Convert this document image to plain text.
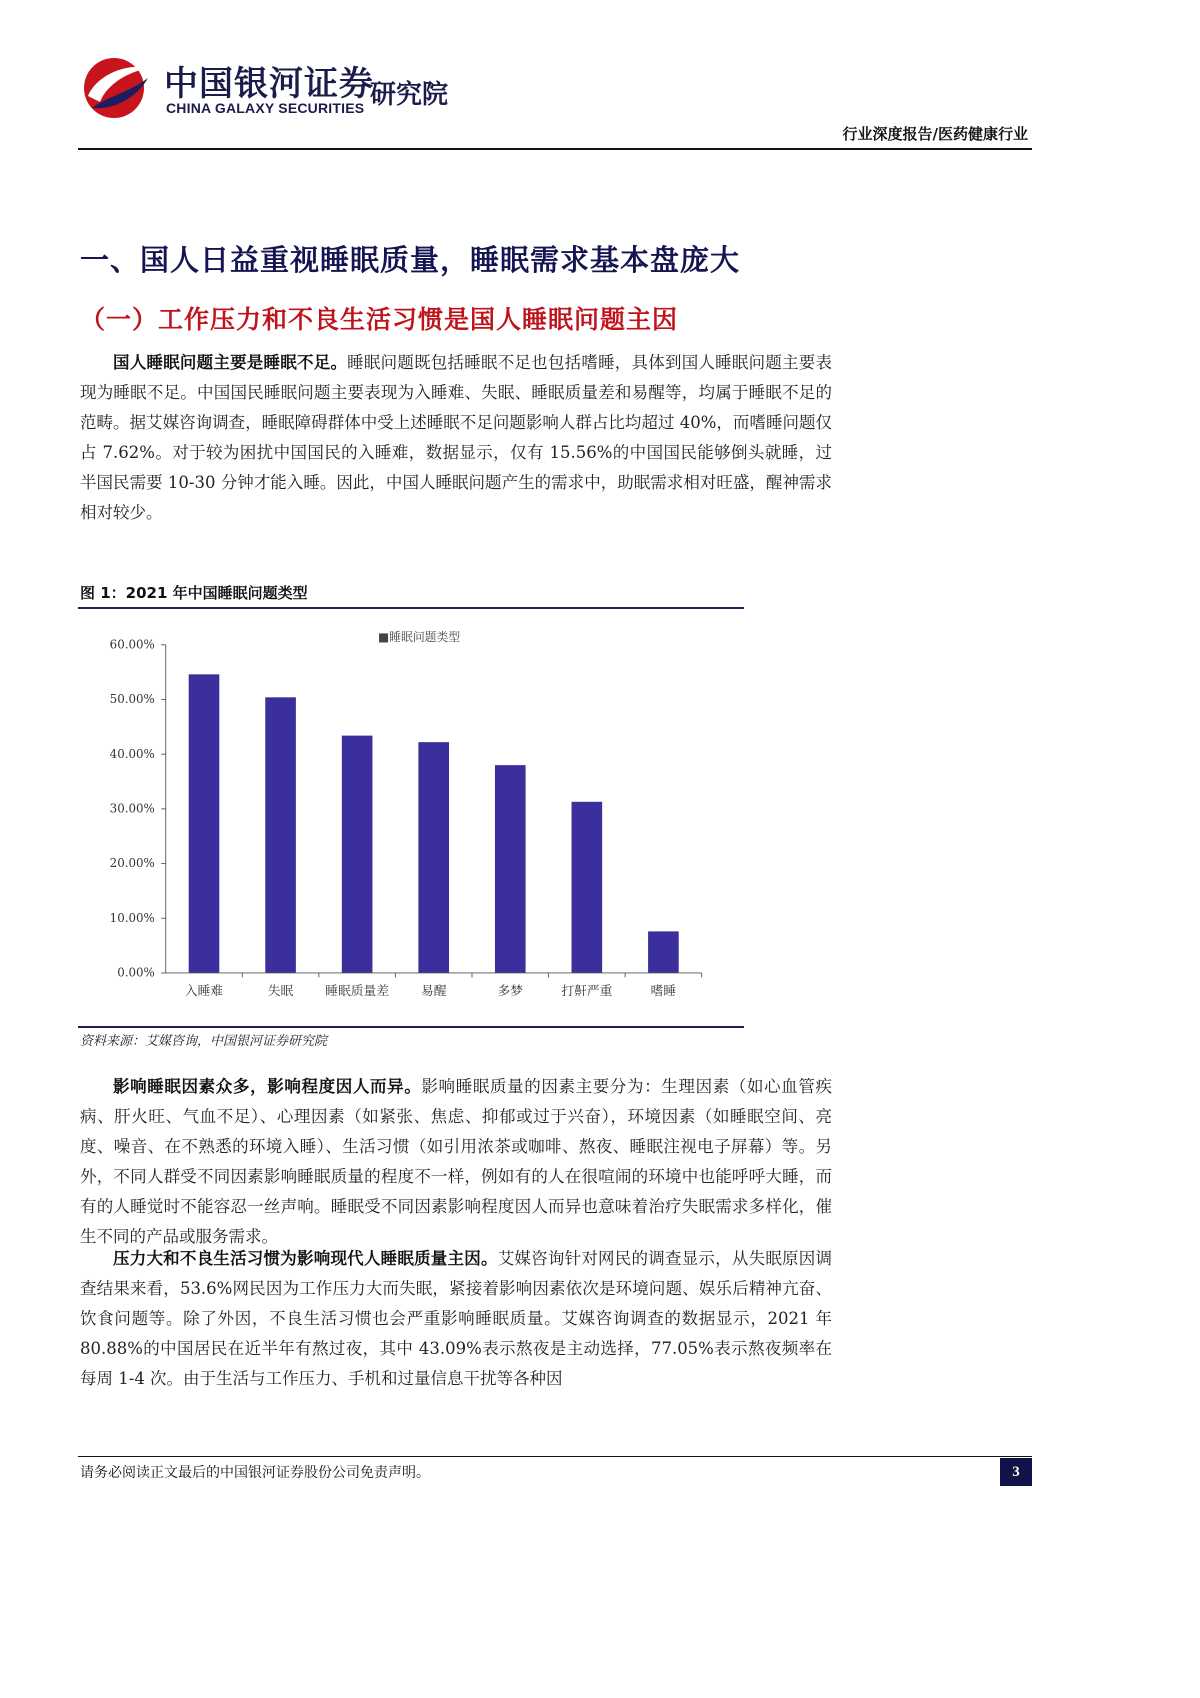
中国银河证券
CHINA GALAXY SECURITIES 研究院
行业深度报告/医药健康行业
一、国人日益重视睡眠质量，睡眠需求基本盘庞大
（一）工作压力和不良生活习惯是国人睡眠问题主因
国人睡眠问题主要是睡眠不足。睡眠问题既包括睡眠不足也包括嗜睡，具体到国人睡眠问题主要表现为睡眠不足。中国国民睡眠问题主要表现为入睡难、失眠、睡眠质量差和易醒等，均属于睡眠不足的范畴。据艾媒咨询调查，睡眠障碍群体中受上述睡眠不足问题影响人群占比均超过 40%，而嗜睡问题仅占 7.62%。对于较为困扰中国国民的入睡难，数据显示，仅有 15.56%的中国国民能够倒头就睡，过半国民需要 10-30 分钟才能入睡。因此，中国人睡眠问题产生的需求中，助眠需求相对旺盛，醒神需求相对较少。
图 1：2021 年中国睡眠问题类型
■睡眠问题类型
0.00%
10.00%
20.00%
30.00%
40.00%
50.00%
60.00%
入睡难	失眠 睡眠质量差 易醒	多梦	打鼾严重	嗜睡
资料来源：艾媒咨询，中国银河证券研究院
影响睡眠因素众多，影响程度因人而异。影响睡眠质量的因素主要分为：生理因素（如心血管疾病、肝火旺、气血不足）、心理因素（如紧张、焦虑、抑郁或过于兴奋），环境因素（如睡眠空间、亮度、噪音、在不熟悉的环境入睡）、生活习惯（如引用浓茶或咖啡、熬夜、睡眠注视电子屏幕）等。另外，不同人群受不同因素影响睡眠质量的程度不一样，例如有的人在很喧闹的环境中也能呼呼大睡，而有的人睡觉时不能容忍一丝声响。睡眠受不同因素影响程度因人而异也意味着治疗失眠需求多样化，催生不同的产品或服务需求。
压力大和不良生活习惯为影响现代人睡眠质量主因。艾媒咨询针对网民的调查显示，从失眠原因调查结果来看，53.6%网民因为工作压力大而失眠，紧接着影响因素依次是环境问题、娱乐后精神亢奋、饮食问题等。除了外因，不良生活习惯也会严重影响睡眠质量。艾媒咨询调查的数据显示，2021 年 80.88%的中国居民在近半年有熬过夜，其中 43.09%表示熬夜是主动选择，77.05%表示熬夜频率在每周 1-4 次。由于生活与工作压力、手机和过量信息干扰等各种因
请务必阅读正文最后的中国银河证券股份公司免责声明。	3
